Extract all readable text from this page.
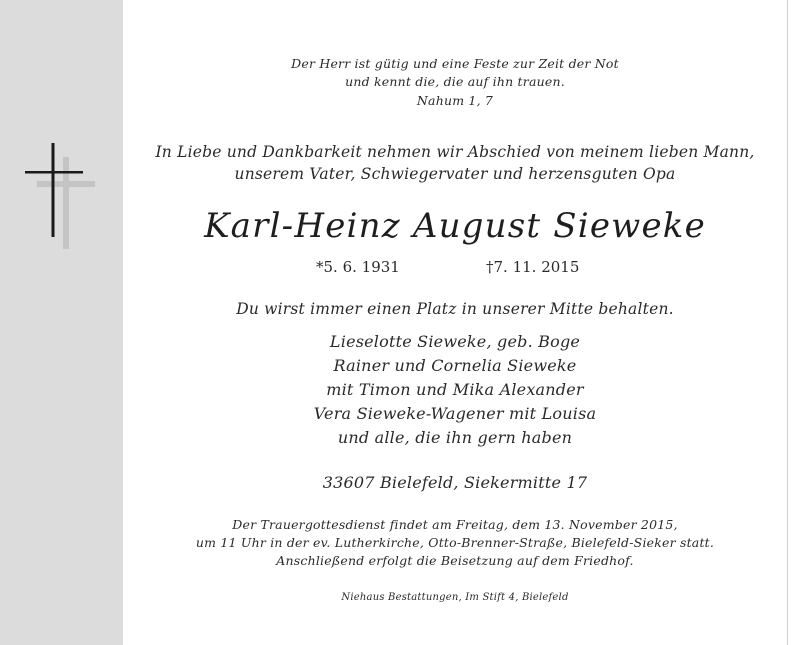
Der Herr ist gütig und eine Feste zur Zeit der Not
und kennt die, die auf ihn trauen.
Nahum 1, 7
In Liebe und Dankbarkeit nehmen wir Abschied von meinem lieben Mann,
unserem Vater, Schwiegervater und herzensguten Opa
Karl-Heinz August Sieweke
*5. 6. 1931	†7. 11. 2015
Du wirst immer einen Platz in unserer Mitte behalten.
Lieselotte Sieweke, geb. Boge
Rainer und Cornelia Sieweke
mit Timon und Mika Alexander
Vera Sieweke-Wagener mit Louisa
und alle, die ihn gern haben
33607 Bielefeld, Siekermitte 17
Der Trauergottesdienst findet am Freitag, dem 13. November 2015,
um 11 Uhr in der ev. Lutherkirche, Otto-Brenner-Straße, Bielefeld-Sieker statt.
Anschließend erfolgt die Beisetzung auf dem Friedhof.
Niehaus Bestattungen, Im Stift 4, Bielefeld
